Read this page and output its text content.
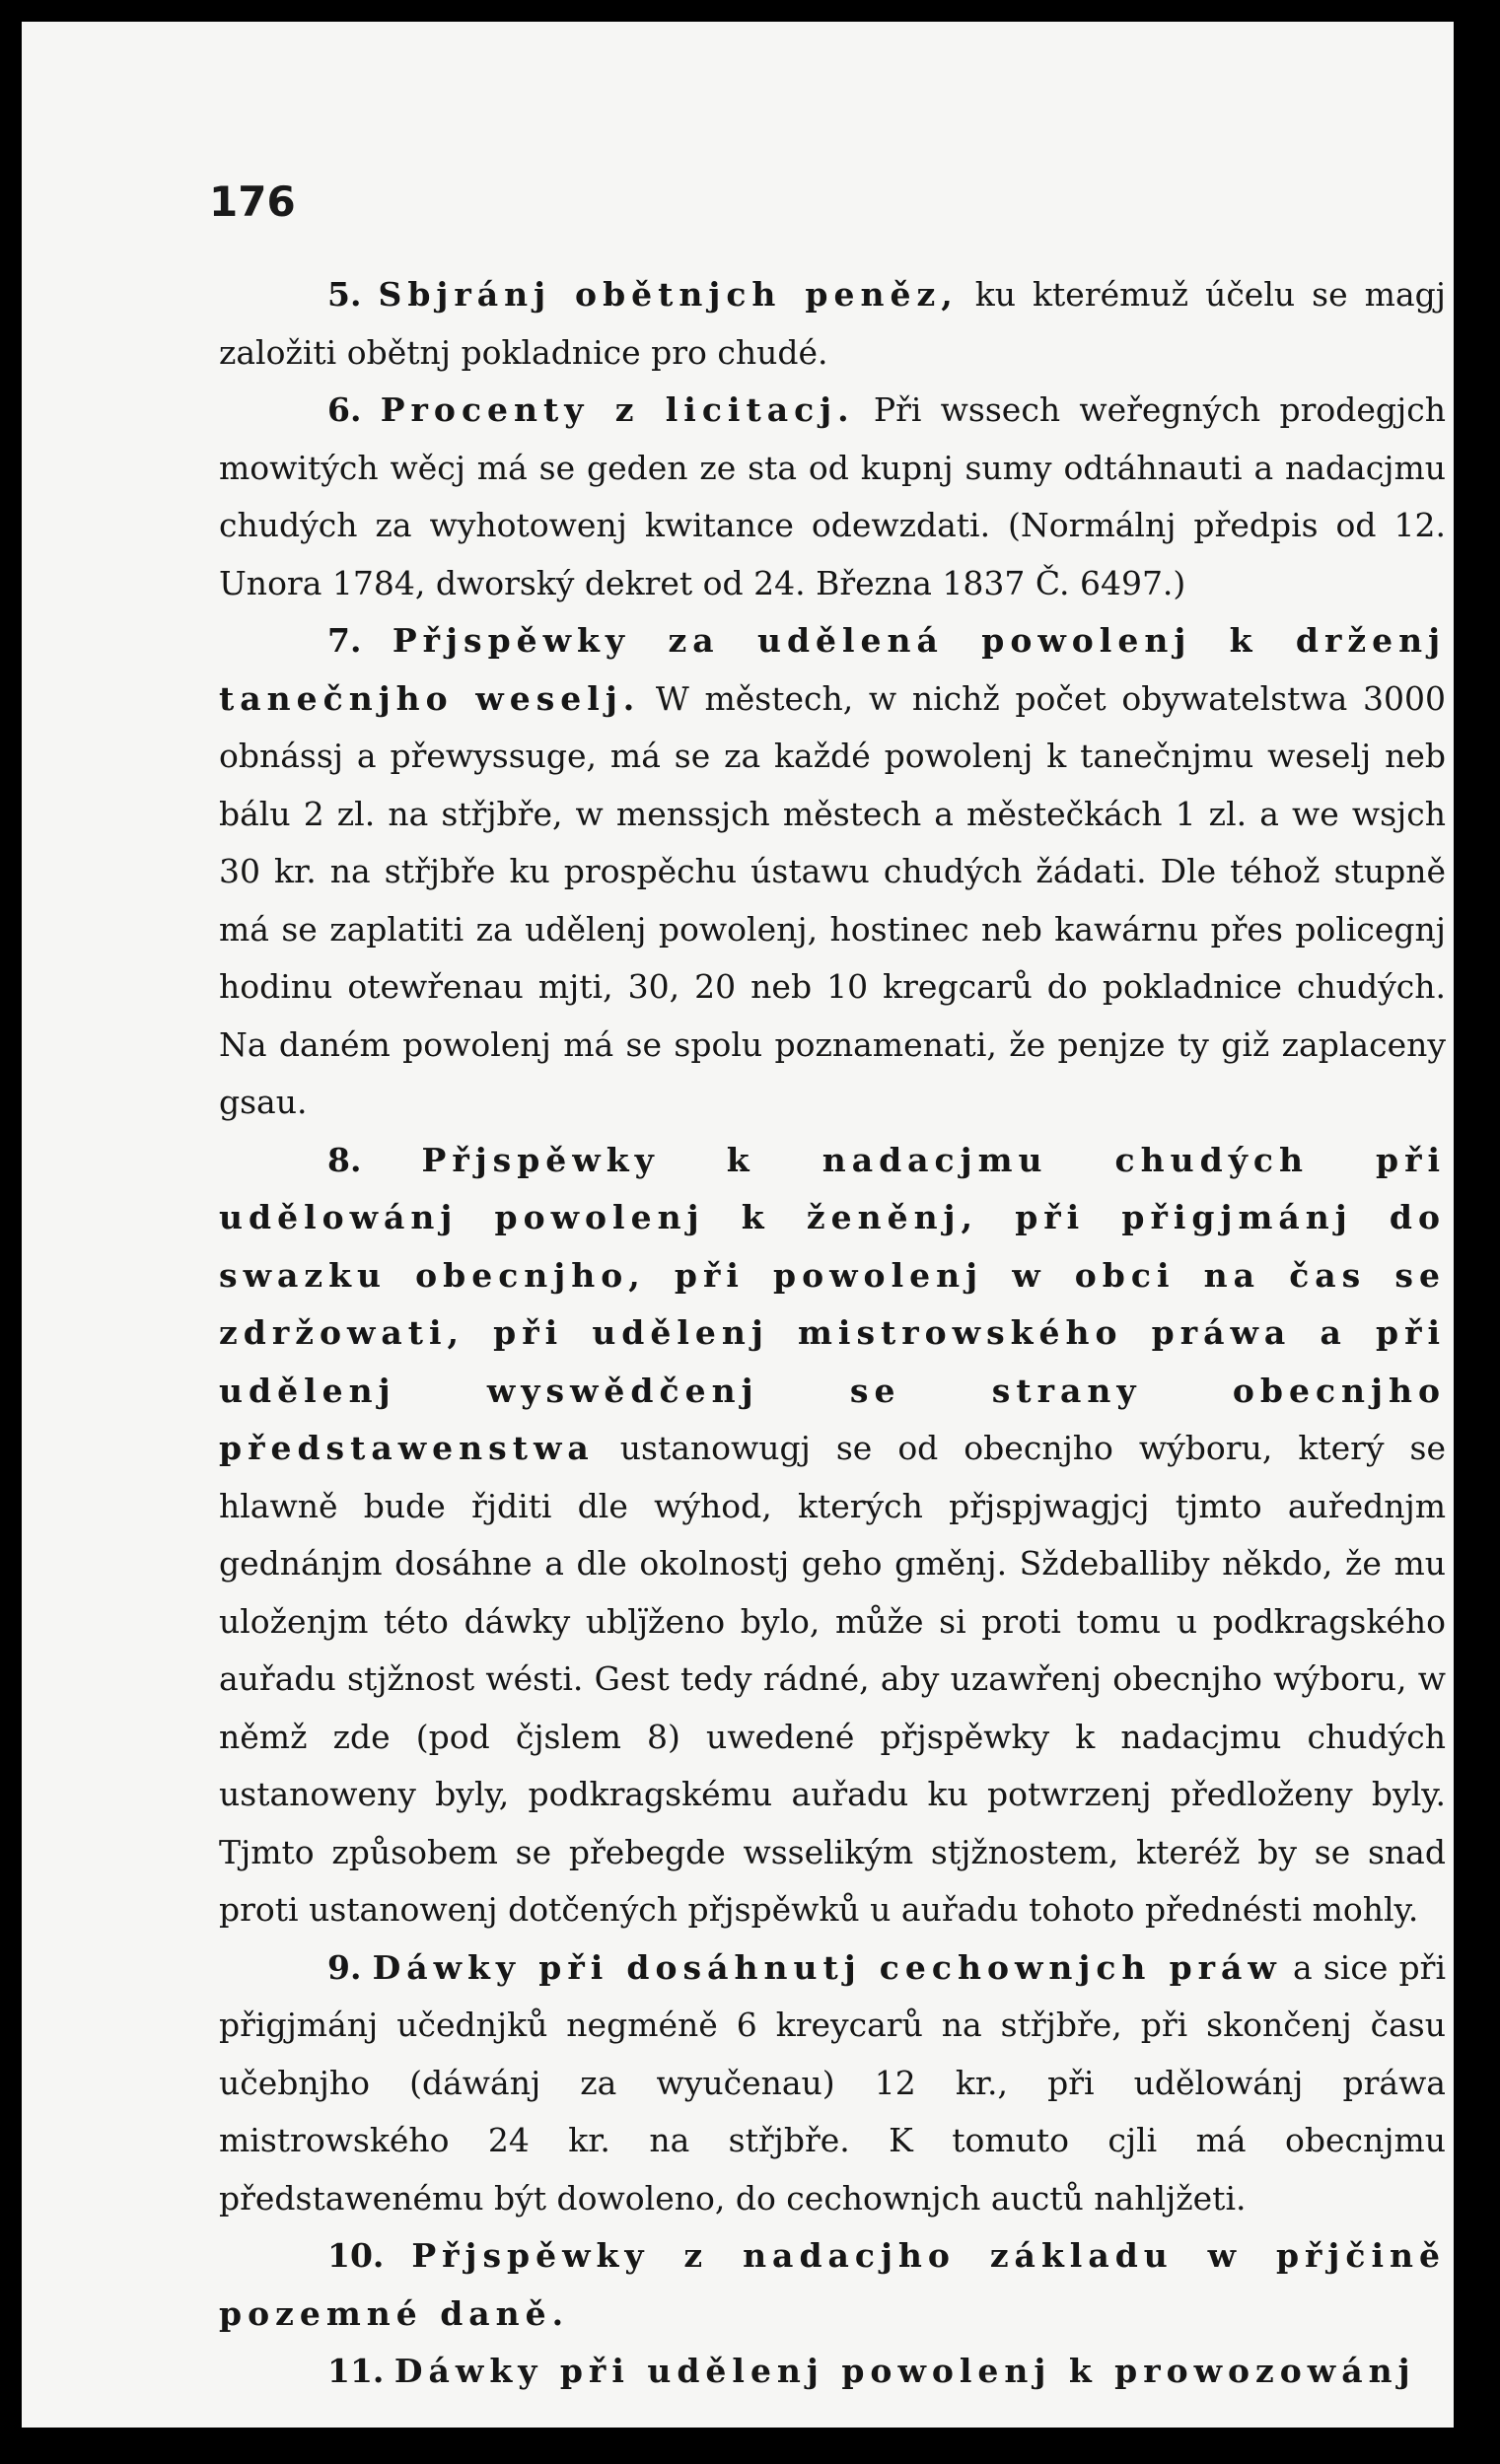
176

5. Sbjránj obětnjch peněz, ku kterémuž účelu se magj založiti obětnj pokladnice pro chudé.

6. Procenty z licitacj. Při wssech weřegných prodegjch mowitých wěcj má se geden ze sta od kupnj sumy odtáhnauti a nadacjmu chudých za wyhotowenj kwitance odewzdati. (Normálnj předpis od 12. Unora 1784, dworský dekret od 24. Března 1837 Č. 6497.)

7. Přjspěwky za udělená powolenj k drženj tanečnjho weselj. W městech, w nichž počet obywatelstwa 3000 obnássj a přewyssuge, má se za každé powolenj k tanečnjmu weselj neb bálu 2 zl. na střjbře, w menssjch městech a městečkách 1 zl. a we wsjch 30 kr. na střjbře ku prospěchu ústawu chudých žádati. Dle téhož stupně má se zaplatiti za udělenj powolenj, hostinec neb kawárnu přes policegnj hodinu otewřenau mjti, 30, 20 neb 10 kregcarů do pokladnice chudých. Na daném powolenj má se spolu poznamenati, že penjze ty giž zaplaceny gsau.

8. Přjspěwky k nadacjmu chudých při udělowánj powolenj k ženěnj, při přigjmánj do swazku obecnjho, při powolenj w obci na čas se zdržowati, při udělenj mistrowského práwa a při udělenj wyswědčenj se strany obecnjho předstawenstwa ustanowugj se od obecnjho wýboru, který se hlawně bude řjditi dle wýhod, kterých přjspjwagjcj tjmto auřednjm gednánjm dosáhne a dle okolnostj geho gměnj. Sždeballiby někdo, že mu uloženjm této dáwky ublj̈ženo bylo, může si proti tomu u podkragského auřadu stjžnost wésti. Gest tedy rádné, aby uzawřenj obecnjho wýboru, w němž zde (pod čjslem 8) uwedené přjspěwky k nadacjmu chudých ustanoweny byly, podkragskému auřadu ku potwrzenj předloženy byly. Tjmto způsobem se přebegde wsselikým stjžnostem, kteréž by se snad proti ustanowenj dotčených přjspěwků u auřadu tohoto přednésti mohly.

9. Dáwky při dosáhnutj cechownjch práw a sice při přigjmánj učednjků negméně 6 kreycarů na střjbře, při skončenj času učebnjho (dáwánj za wyučenau) 12 kr., při udělowánj práwa mistrowského 24 kr. na střjbře. K tomuto cjli má obecnjmu předstawenému být dowoleno, do cechownjch auctů nahljžeti.

10. Přjspěwky z nadacjho základu w přjčině pozemné daně.

11. Dáwky při udělenj powolenj k prowozowánj
